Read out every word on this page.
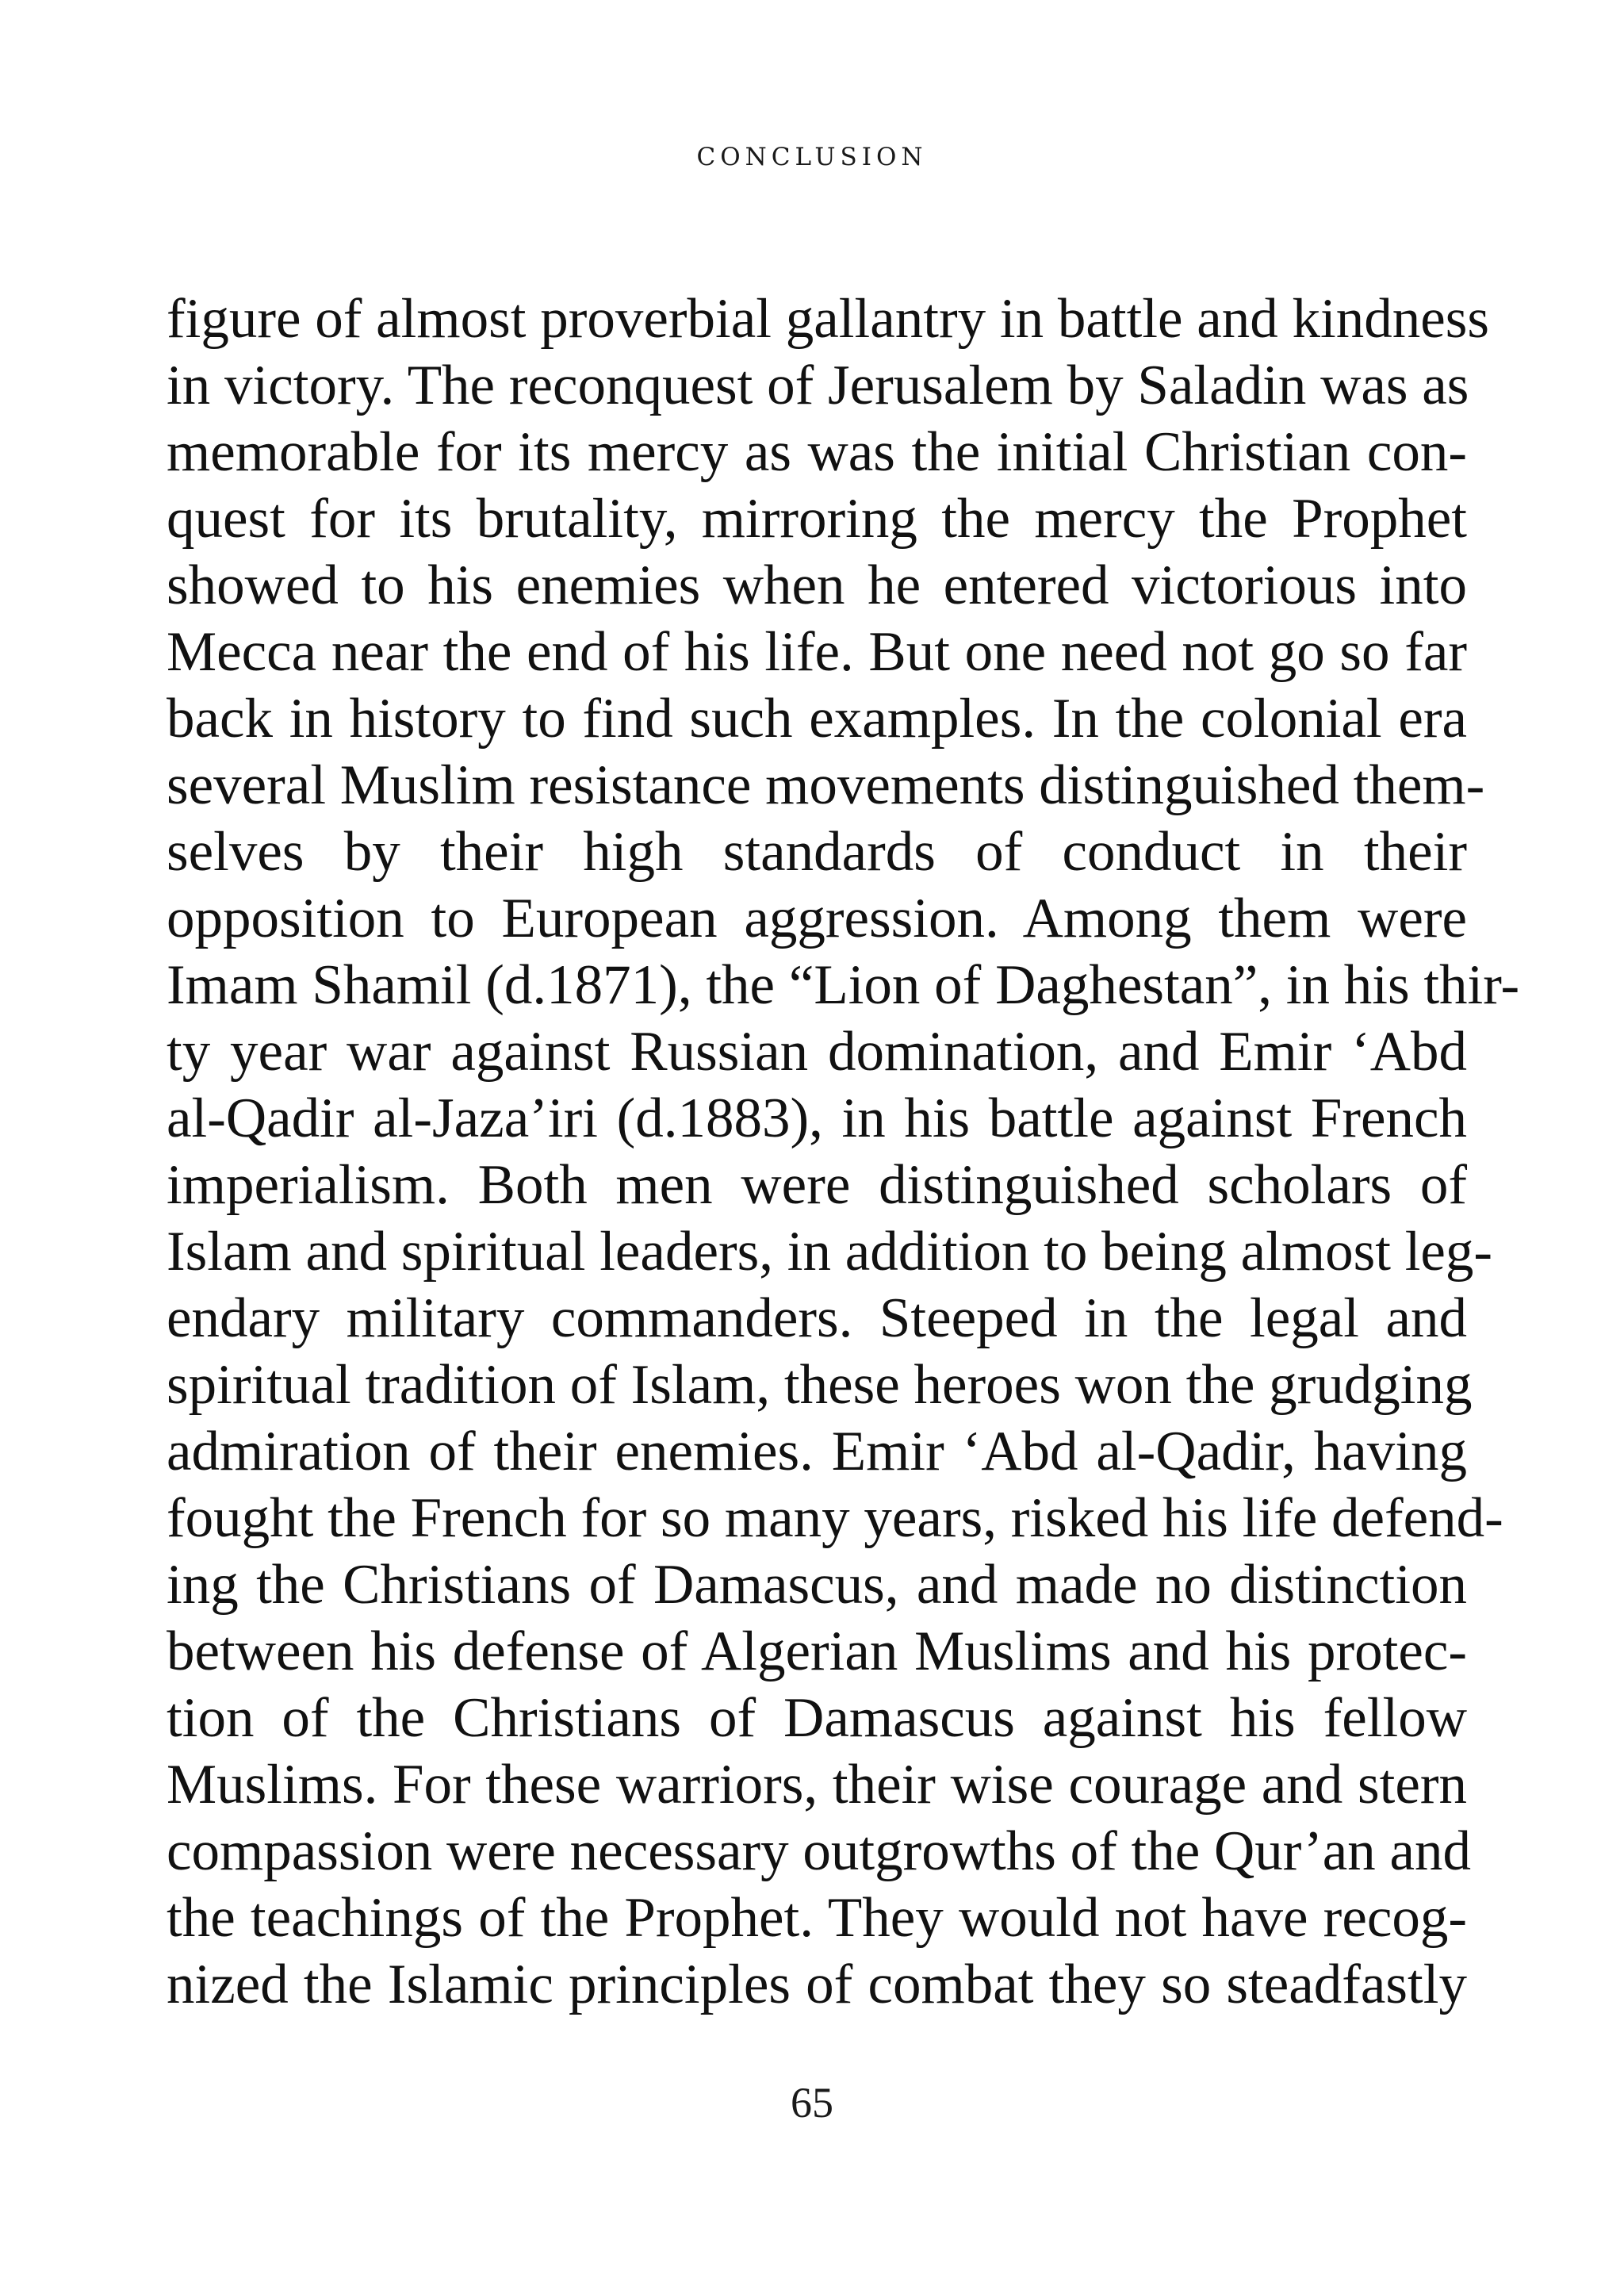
conclusion
figure of almost proverbial gallantry in battle and kindness
in victory. The reconquest of Jerusalem by Saladin was as
memorable for its mercy as was the initial Christian con-
quest for its brutality, mirroring the mercy the Prophet
showed to his enemies when he entered victorious into
Mecca near the end of his life. But one need not go so far
back in history to find such examples. In the colonial era
several Muslim resistance movements distinguished them-
selves by their high standards of conduct in their
opposition to European aggression. Among them were
Imam Shamil (d.1871), the “Lion of Daghestan”, in his thir-
ty year war against Russian domination, and Emir ‘Abd
al-Qadir al-Jaza’iri (d.1883), in his battle against French
imperialism. Both men were distinguished scholars of
Islam and spiritual leaders, in addition to being almost leg-
endary military commanders. Steeped in the legal and
spiritual tradition of Islam, these heroes won the grudging
admiration of their enemies. Emir ‘Abd al-Qadir, having
fought the French for so many years, risked his life defend-
ing the Christians of Damascus, and made no distinction
between his defense of Algerian Muslims and his protec-
tion of the Christians of Damascus against his fellow
Muslims. For these warriors, their wise courage and stern
compassion were necessary outgrowths of the Qur’an and
the teachings of the Prophet. They would not have recog-
nized the Islamic principles of combat they so steadfastly
65
